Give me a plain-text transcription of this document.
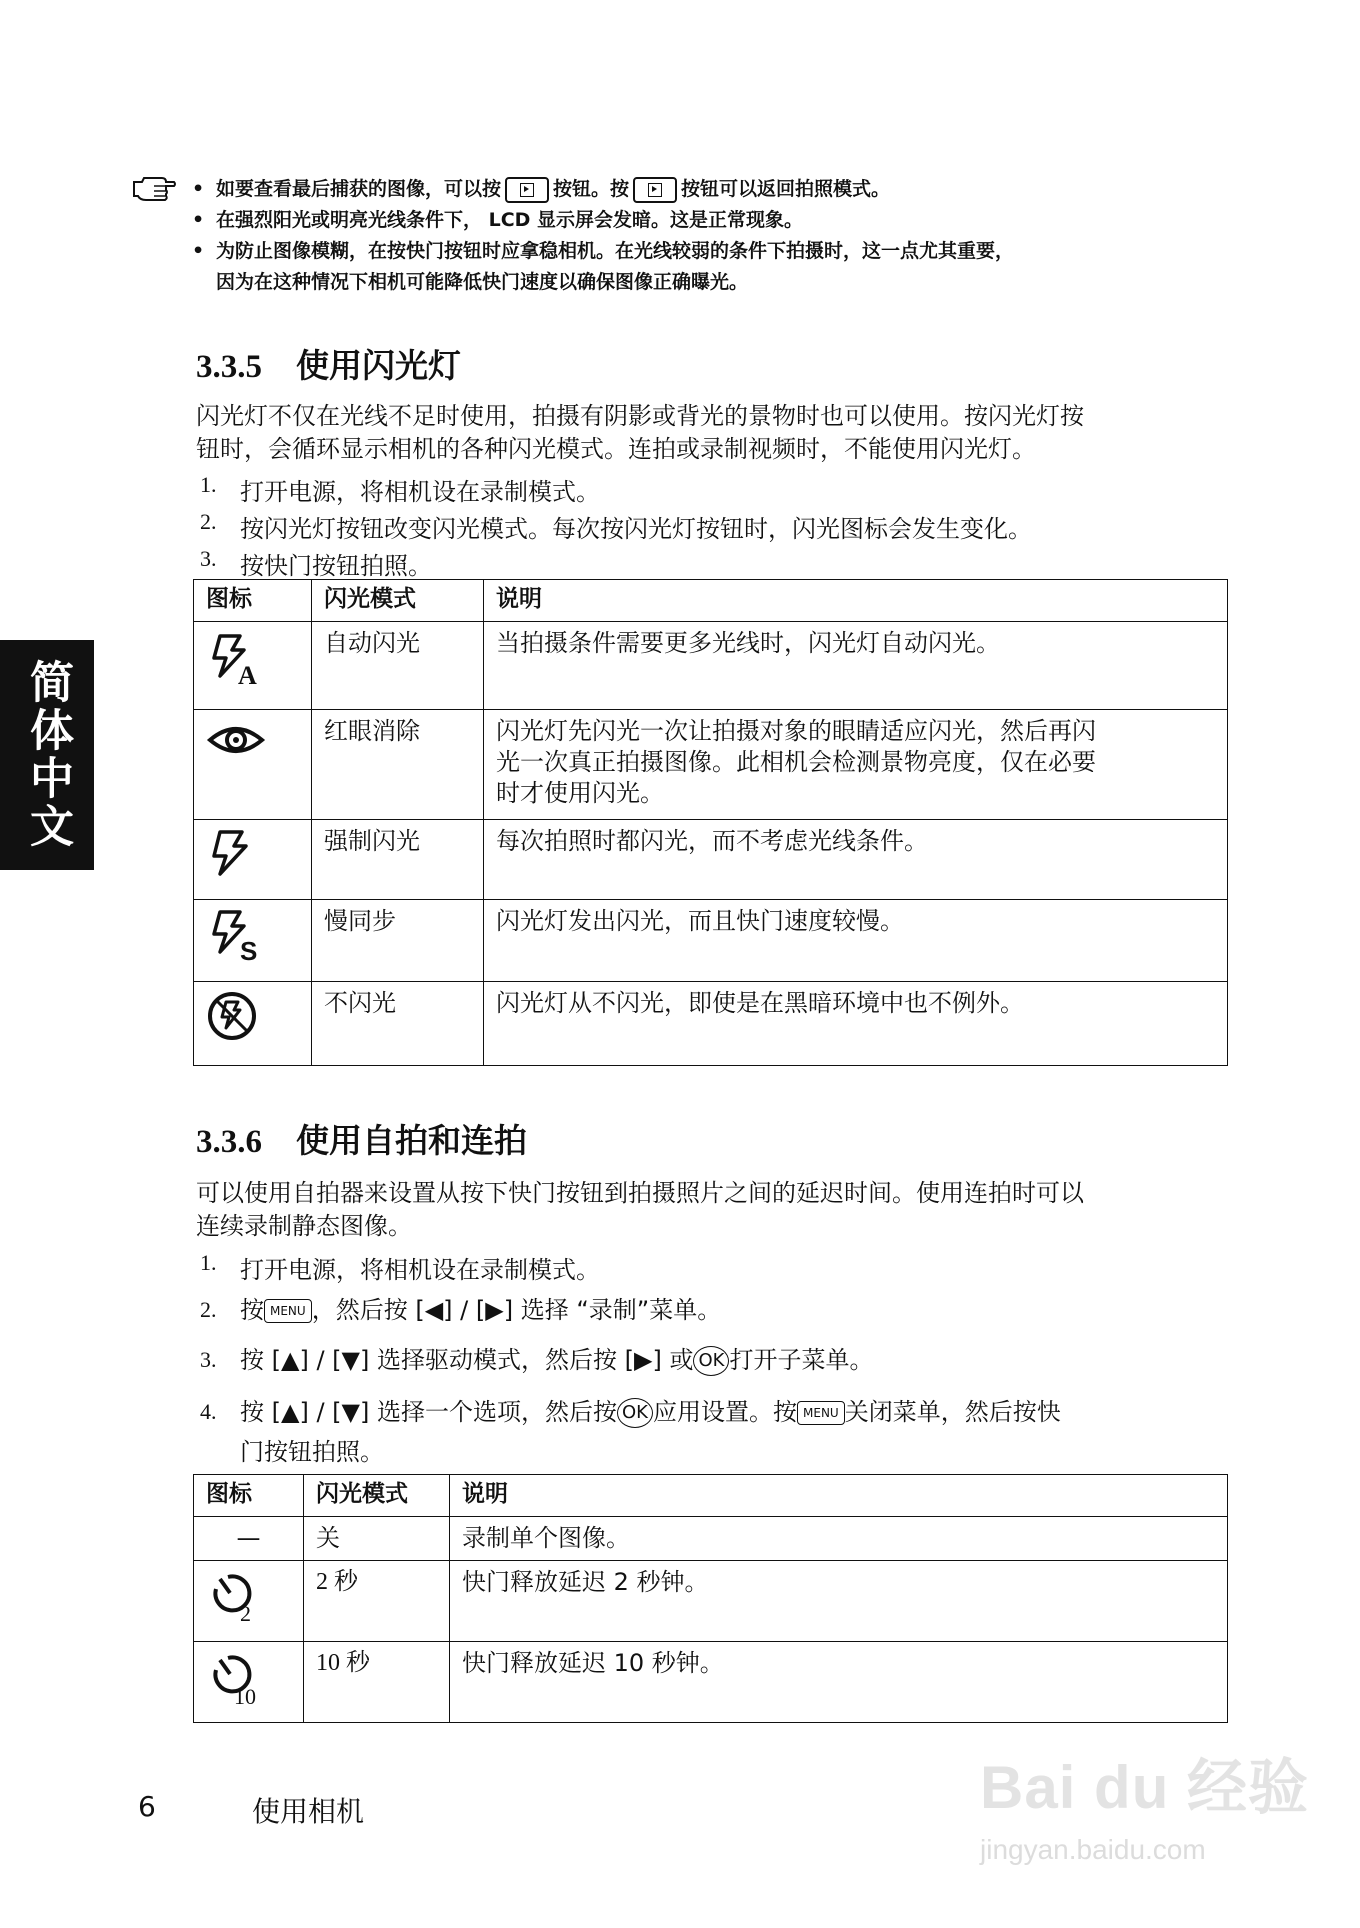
简体中文
• 如要查看最后捕获的图像，可以按	按钮。按	按钮可以返回拍照模式。
• 在强烈阳光或明亮光线条件下， LCD 显示屏会发暗。这是正常现象。
• 为防止图像模糊，在按快门按钮时应拿稳相机。在光线较弱的条件下拍摄时，这一点尤其重要，
因为在这种情况下相机可能降低快门速度以确保图像正确曝光。
3.3.5 使用闪光灯
闪光灯不仅在光线不足时使用，拍摄有阴影或背光的景物时也可以使用。按闪光灯按
钮时，会循环显示相机的各种闪光模式。连拍或录制视频时，不能使用闪光灯。
1. 打开电源，将相机设在录制模式。
2. 按闪光灯按钮改变闪光模式。每次按闪光灯按钮时，闪光图标会发生变化。
3. 按快门按钮拍照。
图标	闪光模式	说明

A	自动闪光	当拍摄条件需要更多光线时，闪光灯自动闪光。
	红眼消除	闪光灯先闪光一次让拍摄对象的眼睛适应闪光，然后再闪
光一次真正拍摄图像。此相机会检测景物亮度，仅在必要
时才使用闪光。
	强制闪光	每次拍照时都闪光，而不考虑光线条件。

S	慢同步	闪光灯发出闪光，而且快门速度较慢。
	不闪光	闪光灯从不闪光，即使是在黑暗环境中也不例外。
3.3.6 使用自拍和连拍
可以使用自拍器来设置从按下快门按钮到拍摄照片之间的延迟时间。使用连拍时可以
连续录制静态图像。
1. 打开电源，将相机设在录制模式。
2. 按 MENU ，然后按 [◀] / [▶] 选择 “录制”菜单。
3. 按 [▲] / [▼] 选择驱动模式，然后按 [▶] 或 OK 打开子菜单。
4. 按 [▲] / [▼] 选择一个选项，然后按 OK 应用设置。按 MENU 关闭菜单，然后按快
门按钮拍照。
图标	闪光模式	说明
—	关	录制单个图像。

2	2 秒	快门释放延迟 2 秒钟。

10	10 秒	快门释放延迟 10 秒钟。
6	使用相机	Bai du 经验
jingyan.baidu.com
